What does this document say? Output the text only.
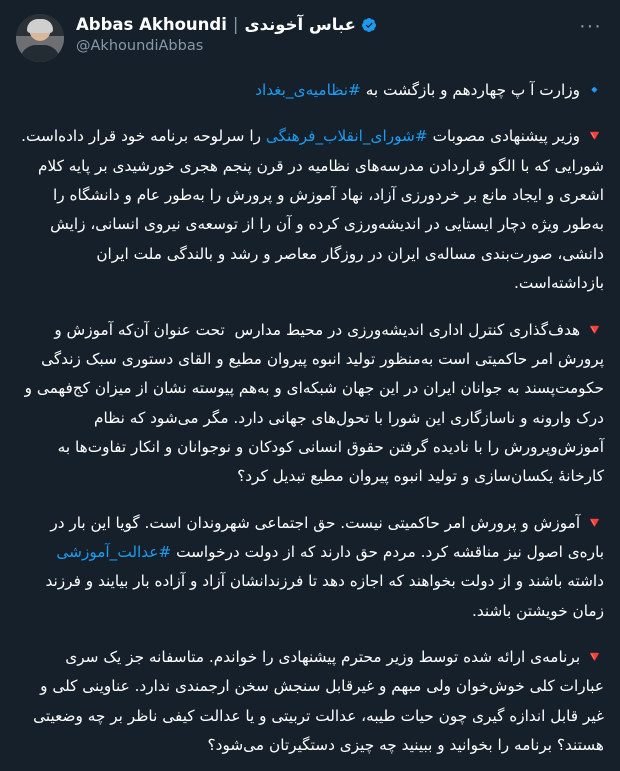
Abbas Akhoundi | عباس آخوندی
@AkhoundiAbbas
···
🔹 وزارت آ پ چهاردهم و بازگشت به #نظامیه‌ی_بغداد
🔻 وزیر پیشنهادی مصوبات #شورای_انقلاب_فرهنگی را سرلوحه برنامه خود قرار داده‌است. شورایی که با الگو قراردادن مدرسه‌های نظامیه در قرن پنجم هجری خورشیدی بر پایه کلام اشعری و ایجاد مانع بر خردورزی آزاد، نهاد آموزش و پرورش را به‌طور عام و دانشگاه را به‌طور ویژه دچار ایستایی در اندیشه‌ورزی کرده و آن را از توسعه‌ی نیروی انسانی، زایش دانشی، صورت‌بندی مساله‌ی ایران در روزگار معاصر و رشد و بالندگی ملت ایران بازداشته‌است.
🔻 هدف‌گذاری کنترل اداری اندیشه‌ورزی در محیط مدارس  تحت عنوان آن‌که آموزش و پرورش امر حاکمیتی است به‌منظور تولید انبوه پیروان مطیع و القای دستوری سبک زندگی حکومت‌پسند به جوانان ایران در این جهان شبکه‌ای و به‌هم پیوسته نشان از میزان کج‌فهمی و درک وارونه و ناسازگاری این شورا با تحول‌های جهانی دارد. مگر می‌شود که نظام آموزش‌وپرورش را با نادیده گرفتن حقوق انسانی کودکان و نوجوانان و انکار تفاوت‌ها به کارخانهٔ یکسان‌سازی و تولید انبوه پیروان مطیع تبدیل کرد؟
🔻 آموزش و پرورش امر حاکمیتی نیست. حق اجتماعی شهروندان است. گویا این بار در باره‌ی اصول نیز مناقشه کرد. مردم حق دارند که از دولت درخواست #عدالت_آموزشی داشته باشند و از دولت بخواهند که اجازه دهد تا فرزندانشان آزاد و آزاده بار بیایند و فرزند زمان خویشتن باشند.
🔻 برنامه‌ی ارائه شده توسط وزیر محترم پیشنهادی را خواندم. متاسفانه جز یک سری عبارات کلی خوش‌خوان ولی مبهم و غیرقابل سنجش سخن ارجمندی ندارد. عناوینی کلی و غیر قابل اندازه گیری چون حیات طیبه، عدالت تربیتی و یا عدالت کیفی ناظر بر چه وضعیتی هستند؟ برنامه را بخوانید و ببینید چه چیزی دستگیرتان می‌شود؟
